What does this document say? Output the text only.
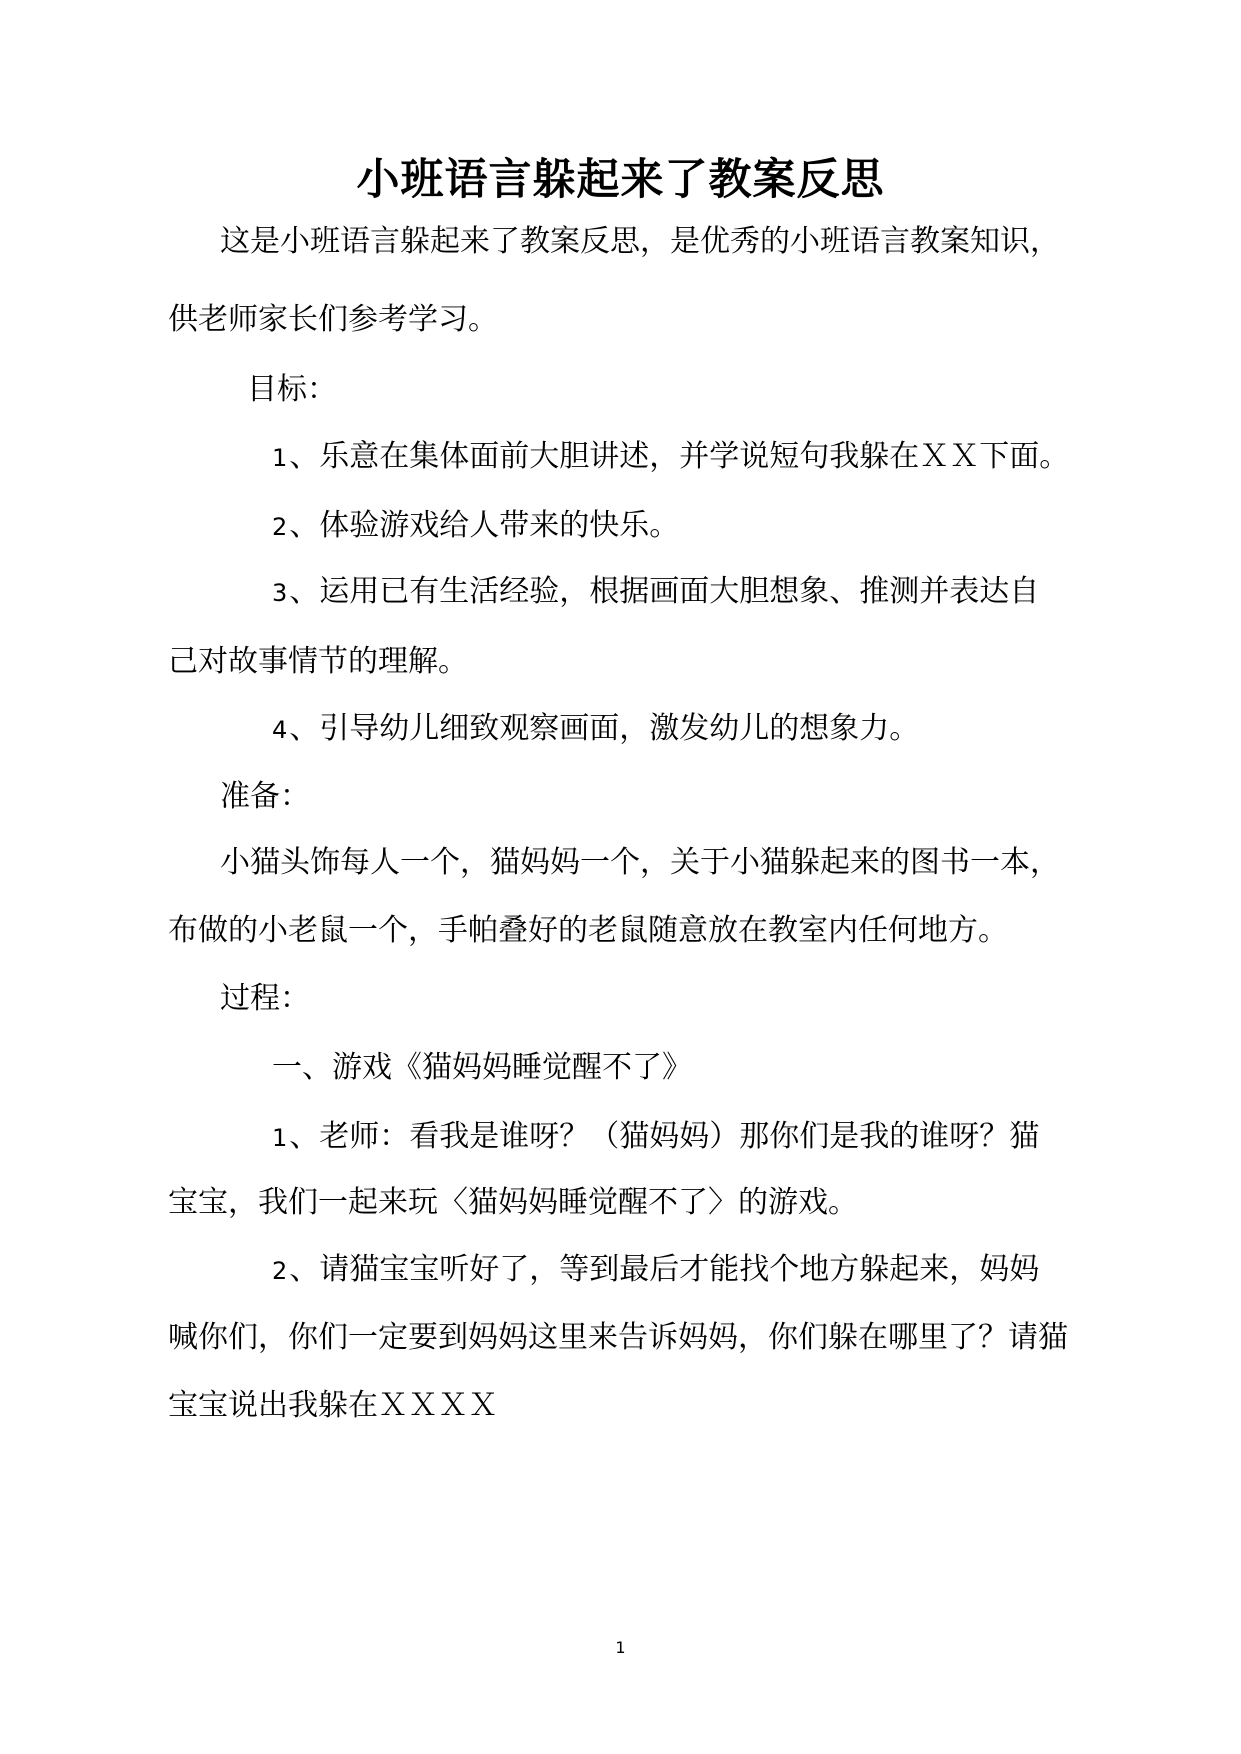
小班语言躲起来了教案反思
这是小班语言躲起来了教案反思，是优秀的小班语言教案知识，
供老师家长们参考学习。
目标：
1、乐意在集体面前大胆讲述，并学说短句我躲在ＸＸ下面。
2、体验游戏给人带来的快乐。
3、运用已有生活经验，根据画面大胆想象、推测并表达自
己对故事情节的理解。
4、引导幼儿细致观察画面，激发幼儿的想象力。
准备：
小猫头饰每人一个，猫妈妈一个，关于小猫躲起来的图书一本，
布做的小老鼠一个，手帕叠好的老鼠随意放在教室内任何地方。
过程：
一、游戏《猫妈妈睡觉醒不了》
1、老师：看我是谁呀？（猫妈妈）那你们是我的谁呀？猫
宝宝，我们一起来玩〈猫妈妈睡觉醒不了〉的游戏。
2、请猫宝宝听好了，等到最后才能找个地方躲起来，妈妈
喊你们，你们一定要到妈妈这里来告诉妈妈，你们躲在哪里了？请猫
宝宝说出我躲在ＸＸＸＸ
1
